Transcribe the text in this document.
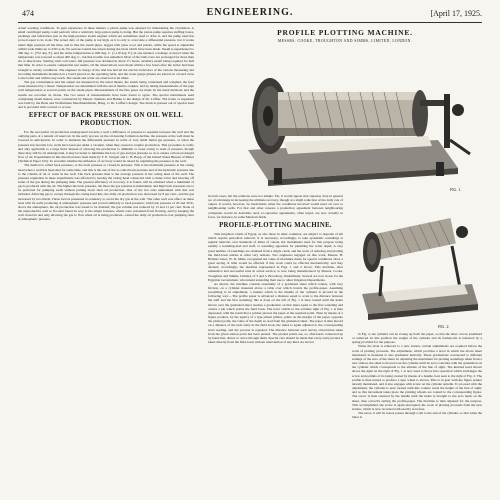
474	ENGINEERING.	[April 17, 1925.

actual working conditions. To gain experience in these matters a piston pump was adopted for maintaining the circulation. A small centrifugal pump could perform what a relatively large piston pump is doing. But the piston pump requires stuffing boxes, packings and lubrication just as the high-pressure steam engines which are sometimes used to drive it, and the pump used has proved equal to its work. The actual duty of the pump is not high, as it is only to overcome a differential pressure, but it works under high pressure all the time, and in like the steam pipes, lagged with glass wool and plaster, while the speed is adjustable within wide limits up to 230 r.p.m. No serious trouble has arisen during the trials which have been made. Steam is superheated to 400 deg. C. (752 deg. F.), and the dome temperatures to 600 deg. C. (1,110 deg. F.); in one instance a leakage occurred when the temperature was lowered to about 400 deg. C., but that trouble was remedied. Most of the trials were not prolonged for more than six or nine hours. Starting with cold water, full pressure was obtained in about 1½ hours, auxiliary steam being required for half that time. In order to ensure comparable test results, all the observations were made within a few hours after the boiler had been brought to steady conditions. The engineer in charge of the trial has had all the electric indicators of the various measuring and recording instruments mounted on a board placed on the operating table, and the water gauge glasses are placed on a board close to the boiler and within easy reach. The steam and water are observed at all times.

The gas consumption and the output are measured by the usual means, the steam being condensed and weighed, the feed water measured by a meter. Temperatures are determined with the aid of thermo-couples, and by taking measurements of the pipe wall temperatures at several points on the steam pipes. Measurements of the flue gases are made by the usual methods, and the results are recorded on charts. The two series of measurements have been found to agree. The special instruments used comprising steam meters, were constructed by Messrs. Siemens and Halske to the design of Dr. Löffler. The boiler or superheat was built by the Benz and Wolfermann Maschinenfabrik, Brieg, to Dr. Löffler's design. The drum is pressed out of special steel and is provided with covered or access.

EFFECT OF BACK PRESSURE ON OIL WELL PRODUCTION.

For the successful oil production underground towards a well a difference of pressure is requisite between the well and the outlying parts of a natural oil reservoir. In the early process on the oil-bearing formation decline, the pressure at the well must be lowered in anticipation. In order to maintain the differential pressure in wells of very small initial gas pressure, or when the pressure has become low, wells have been put under a vacuum, when they ceased to require production. This procedure is costly and only applicable to a large field. Instead of allowing the production to diminish or cease owing to want of pressure, though there may still be oil underground, it may be better to minimise the loss of gas and gas pressure so as to ensure a more prolonged flow of oil. Experiments in this direction have been made by T. E. Swigart and C. B. Bopp, of the United States Bureau of Mines (Technical Paper 325). To ascertain whether the influence of recovery would be raised by regulating the pressure at the well.

The method is called back pressure, or the back pressure or closed-in pressure. This is the maximum pressure at the casing head when a well has been shut for some time, and this is the one of the so-called back pressure and of the hydraulic pressure due to the column of oil or water in the well. The back pressure then is the average pressure at the casing head of the well. The pressure regulation in these experiments was effected by leaving the casing head connected with a choke valve and blowing off some of the gas during the pumping time. The greatest efficiency of recovery, it is found, will be obtained when a minimum of gas is produced with the oil. The higher the back pressure, the more the gas pressure is maintained, and high back pressures are to be preferred for pumping wells without putting down their oil production. One of the two tests undertaken with this was included. Allowing gas to escape through the casing head line, the daily oil production was decreased by 8 per cent., and the gas increased by two-thirds. Those factors presented no tendency to avoid the dry gas in the well. The other well was effect on these tests with its wells producing at atmospheric pressure and proved similarly to back pressure; with back pressure of 20 and 30 lb. above the atmosphere, the oil production was found to be doubled; the gas volume was reduced by 15 and 11 per cent. None of the unproductive well so flooded found its way to the ample bonuses, which were prevented from flowing, and by keeping the well closed in and only allowing the gas to flow when oil is being produced—raised the daily oil production over pumping rates at atmospheric pressure.

PROFILE PLOTTING MACHINE.
MESSRS. COOKE, TROUGHTON AND SIMMS, LIMITED, LONDON.
FIG. 1.

in both cases; but the relations were not simple. Yet, it would appear that stepwise drop in general we of advantage in increasing the ultimate recovery, though at a slight reduction of the daily rate of output. It would, however, be inadvisable when the conditions involved would need oil over to neighbouring wells. For that and other reasons a production agreement between neighbouring companies would be desirable; such co-operative agreements, often urged, are now actually in force, for instance, in some Mexican fields.

PROFILE-PLOTTING MACHINE.

This irrigation canals of Egypt, as also those in other countries, are subject to deposits of silt which require periodical removal. It is necessary, accordingly, to take systematic soundings at regular intervals over hundreds of miles of canals, the instruments used for this purpose being usually a sounding-lead and staff, or sounding apparatus for plumbing the water depth. A very great number of soundings are obtained from a single canal, and the work of reducing and plotting the field-book entries is often very tedious. Two engineers engaged on this work, Messrs. H. Holmes Jones, W. D. Miles, recognised the value of machines made for special conditions cited, a great saving of time would be effected if this work could be effected mechanically, and they devised, accordingly, the machine represented in Figs. 1 and 2 above. This machine, after exhaustive and successful tests in actual service, is now being manufactured by Messrs. Cooke, Troughton and Simms, Limited, of 3 and 5, Broadway, Westminster. Several are now in use for the Egyptian Government, who intend extending their use to other Irrigation Departments.

As shown, the machine consists essentially of a graduated sheet which rotates, with very friction, on a cylinder mounted above a table over which travels the profile-paper. Assuming everything is in adjustment, a marker which is the middle of the cylinder is pivoted in the following way:—The profile paper is advanced a distance equal to scale to the distance between the staff and the first sounding; this is done on the left of Fig. 1 is then rotated until the index moves over the graduated sheet reaches a graduation on that sheet equal to the first sounding and carries a pin which pricks the field book. The lever visible to the extreme right of Fig. 1 is then depressed, with the result that a pricker pierces the paper at the required point. Then by means of a figure produce, by the agency of a type-wheel pillion, prints on the margin of the paper, opposite the plotted point, the value of the depth as read from the graduated sheet. The paper is then moved on a distance of the next entry in the field book, the index is again adjusted to the corresponding level reading, and the process is repeated. The distance between each survey observation taken from the given station point has been plotted. The plotted points are, so, afterwards connected up by hand-line, drawn or curve through them. Special care should be made that every entry plotted is taken directly from the field-book without intervention of any kind. As shown

FIG. 2.

in Fig. 2, the cylinder can be swung up from the paper, so that the latter can be examined or removed. In this position the weight of the cylinder and its framework is balanced by a spring provided for the purpose.

When the level is removed to a new station, certain adjustments are required before the work of plotting proceeds. The adjustment, which provides a level in which the above sheet mentioned is mounted is also graduated helically. These graduations correspond to different settings of the zero of the sheet. In adjusting the instrument for plotting soundings taken from a new station, the sheet is moved over the cylinder until its zero coincides with the graduation on the cylinder which corresponds to the altitude of the line of sight. The knurled head shown above the sight on the right of Fig. 1 is now used to throw into operation which exchanges the screw and permits of its being rotated by means of a handle, best seen to the right of Fig. 2. The profile is then turned to produce a spur wheel is shown. This is in gear with the figure printer already mentioned, and it also engages with screw on the cylinder spindle. To proceed with the adjustment, the cylinder is next rotated until this counter reads the height of the line of sight; and as this movement takes place the printing wheels are rotated to the corresponding figure. The screw is then released by the handle until the index is brought to the zero mark on the sheet, thus correctly setting the profile-paper. The machine is then adjusted for the purpose. This accomplished, the screw is again uncoupled, the work of plotting proceeds from the new station, which is now recorded with exactly as before.

The zeros, it will be noted, passes through a rail to the end of the cylinder, so that when the latter is
